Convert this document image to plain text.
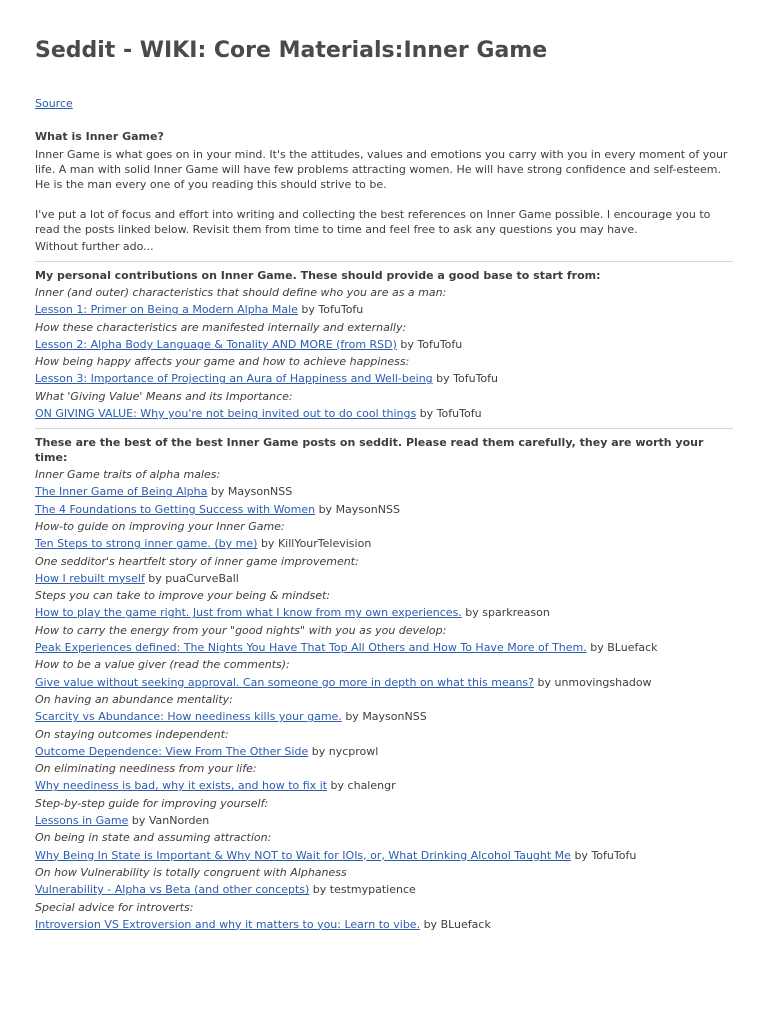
Seddit - WIKI: Core Materials:Inner Game
Source
What is Inner Game?
Inner Game is what goes on in your mind. It's the attitudes, values and emotions you carry with you in every moment of your life. A man with solid Inner Game will have few problems attracting women. He will have strong confidence and self-esteem. He is the man every one of you reading this should strive to be.
I've put a lot of focus and effort into writing and collecting the best references on Inner Game possible. I encourage you to read the posts linked below. Revisit them from time to time and feel free to ask any questions you may have.
Without further ado...
My personal contributions on Inner Game. These should provide a good base to start from:
Inner (and outer) characteristics that should define who you are as a man:
Lesson 1: Primer on Being a Modern Alpha Male by TofuTofu
How these characteristics are manifested internally and externally:
Lesson 2: Alpha Body Language & Tonality AND MORE (from RSD) by TofuTofu
How being happy affects your game and how to achieve happiness:
Lesson 3: Importance of Projecting an Aura of Happiness and Well-being by TofuTofu
What 'Giving Value' Means and its Importance:
ON GIVING VALUE: Why you're not being invited out to do cool things by TofuTofu
These are the best of the best Inner Game posts on seddit. Please read them carefully, they are worth your time:
Inner Game traits of alpha males:
The Inner Game of Being Alpha by MaysonNSS
The 4 Foundations to Getting Success with Women by MaysonNSS
How-to guide on improving your Inner Game:
Ten Steps to strong inner game. (by me) by KillYourTelevision
One sedditor's heartfelt story of inner game improvement:
How I rebuilt myself by puaCurveBall
Steps you can take to improve your being & mindset:
How to play the game right. Just from what I know from my own experiences. by sparkreason
How to carry the energy from your "good nights" with you as you develop:
Peak Experiences defined: The Nights You Have That Top All Others and How To Have More of Them. by BLuefack
How to be a value giver (read the comments):
Give value without seeking approval. Can someone go more in depth on what this means? by unmovingshadow
On having an abundance mentality:
Scarcity vs Abundance: How neediness kills your game. by MaysonNSS
On staying outcomes independent:
Outcome Dependence: View From The Other Side by nycprowl
On eliminating neediness from your life:
Why neediness is bad, why it exists, and how to fix it by chalengr
Step-by-step guide for improving yourself:
Lessons in Game by VanNorden
On being in state and assuming attraction:
Why Being In State is Important & Why NOT to Wait for IOIs, or, What Drinking Alcohol Taught Me by TofuTofu
On how Vulnerability is totally congruent with Alphaness
Vulnerability - Alpha vs Beta (and other concepts) by testmypatience
Special advice for introverts:
Introversion VS Extroversion and why it matters to you: Learn to vibe. by BLuefack
